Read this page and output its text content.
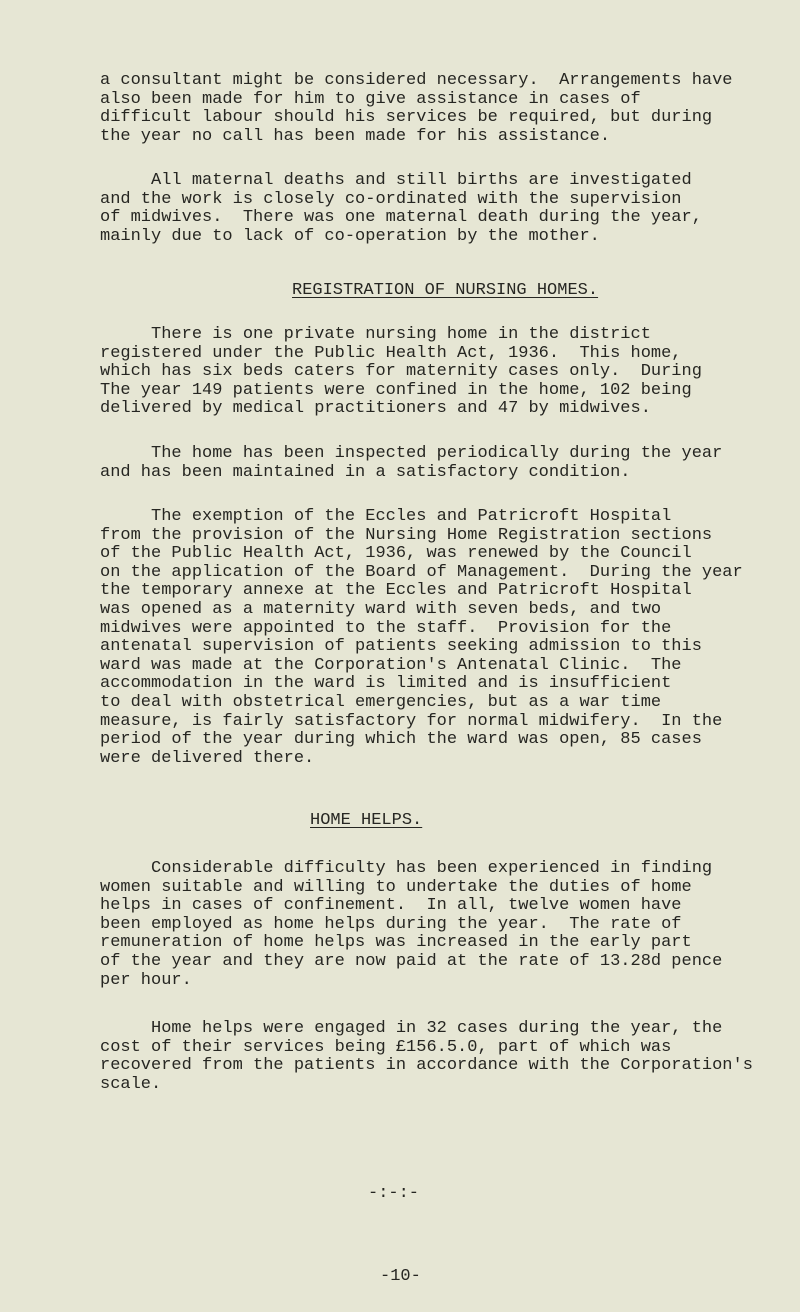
a consultant might be considered necessary.  Arrangements have
also been made for him to give assistance in cases of
difficult labour should his services be required, but during
the year no call has been made for his assistance.
All maternal deaths and still births are investigated
and the work is closely co-ordinated with the supervision
of midwives.  There was one maternal death during the year,
mainly due to lack of co-operation by the mother.
REGISTRATION OF NURSING HOMES.
There is one private nursing home in the district
registered under the Public Health Act, 1936.  This home,
which has six beds caters for maternity cases only.  During
The year 149 patients were confined in the home, 102 being
delivered by medical practitioners and 47 by midwives.
The home has been inspected periodically during the year
and has been maintained in a satisfactory condition.
The exemption of the Eccles and Patricroft Hospital
from the provision of the Nursing Home Registration sections
of the Public Health Act, 1936, was renewed by the Council
on the application of the Board of Management.  During the year
the temporary annexe at the Eccles and Patricroft Hospital
was opened as a maternity ward with seven beds, and two
midwives were appointed to the staff.  Provision for the
antenatal supervision of patients seeking admission to this
ward was made at the Corporation's Antenatal Clinic.  The
accommodation in the ward is limited and is insufficient
to deal with obstetrical emergencies, but as a war time
measure, is fairly satisfactory for normal midwifery.  In the
period of the year during which the ward was open, 85 cases
were delivered there.
HOME HELPS.
Considerable difficulty has been experienced in finding
women suitable and willing to undertake the duties of home
helps in cases of confinement.  In all, twelve women have
been employed as home helps during the year.  The rate of
remuneration of home helps was increased in the early part
of the year and they are now paid at the rate of 13.28d pence
per hour.
Home helps were engaged in 32 cases during the year, the
cost of their services being £156.5.0, part of which was
recovered from the patients in accordance with the Corporation's
scale.
-:-:-
-10-
